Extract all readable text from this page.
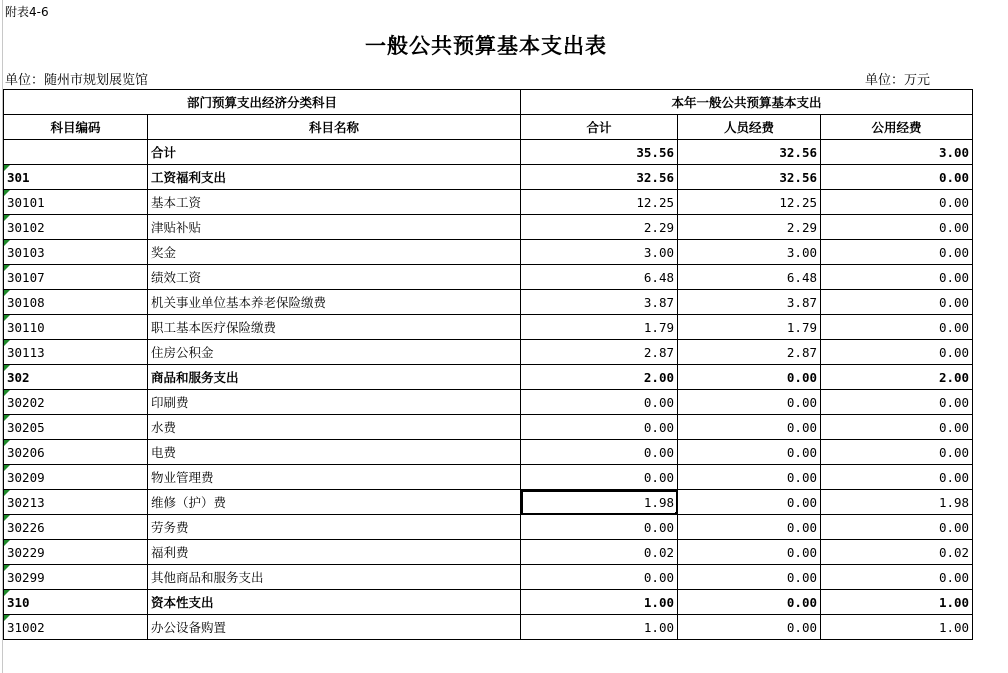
附表4-6
一般公共预算基本支出表
单位：随州市规划展览馆	单位：万元
部门预算支出经济分类科目		本年一般公共预算基本支出		
科目编码	科目名称	合计	人员经费	公用经费
	合计	35.56	32.56	3.00

301	工资福利支出	32.56	32.56	0.00

30101	基本工资	12.25	12.25	0.00

30102	津贴补贴	2.29	2.29	0.00

30103	奖金	3.00	3.00	0.00

30107	绩效工资	6.48	6.48	0.00

30108	机关事业单位基本养老保险缴费	3.87	3.87	0.00

30110	职工基本医疗保险缴费	1.79	1.79	0.00

30113	住房公积金	2.87	2.87	0.00

302	商品和服务支出	2.00	0.00	2.00

30202	印刷费	0.00	0.00	0.00

30205	水费	0.00	0.00	0.00

30206	电费	0.00	0.00	0.00

30209	物业管理费	0.00	0.00	0.00

30213	维修（护）费	1.98	0.00	1.98

30226	劳务费	0.00	0.00	0.00

30229	福利费	0.02	0.00	0.02

30299	其他商品和服务支出	0.00	0.00	0.00

310	资本性支出	1.00	0.00	1.00

31002	办公设备购置	1.00	0.00	1.00
